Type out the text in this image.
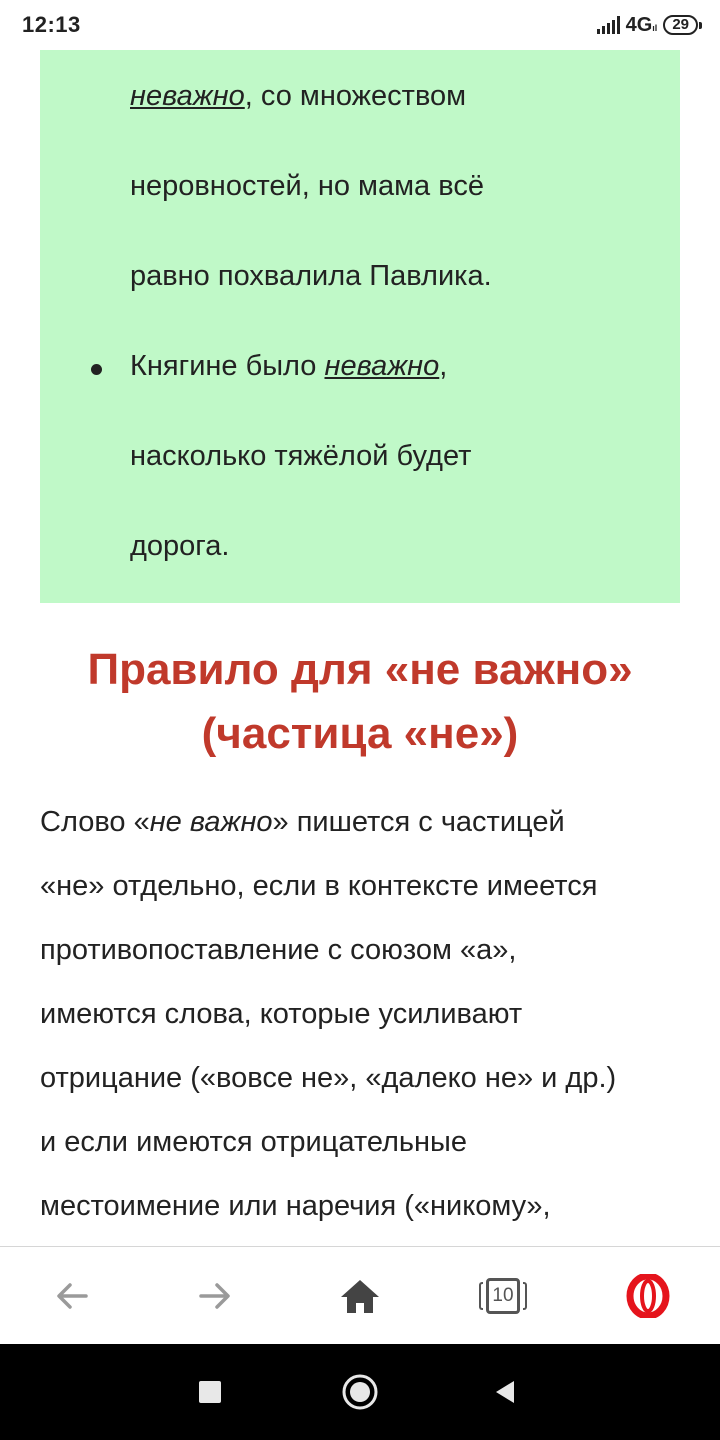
12:13	4Gıl	29
неважно, со множеством
неровностей, но мама всё
равно похвалила Павлика.
Княгине было неважно,
насколько тяжёлой будет
дорога.
Правило для «не важно»
(частица «не»)
Слово «не важно» пишется с частицей
«не» отдельно, если в контексте имеется
противопоставление с союзом «а»,
имеются слова, которые усиливают
отрицание («вовсе не», «далеко не» и др.)
и если имеются отрицательные
местоимение или наречия («никому»,
10
